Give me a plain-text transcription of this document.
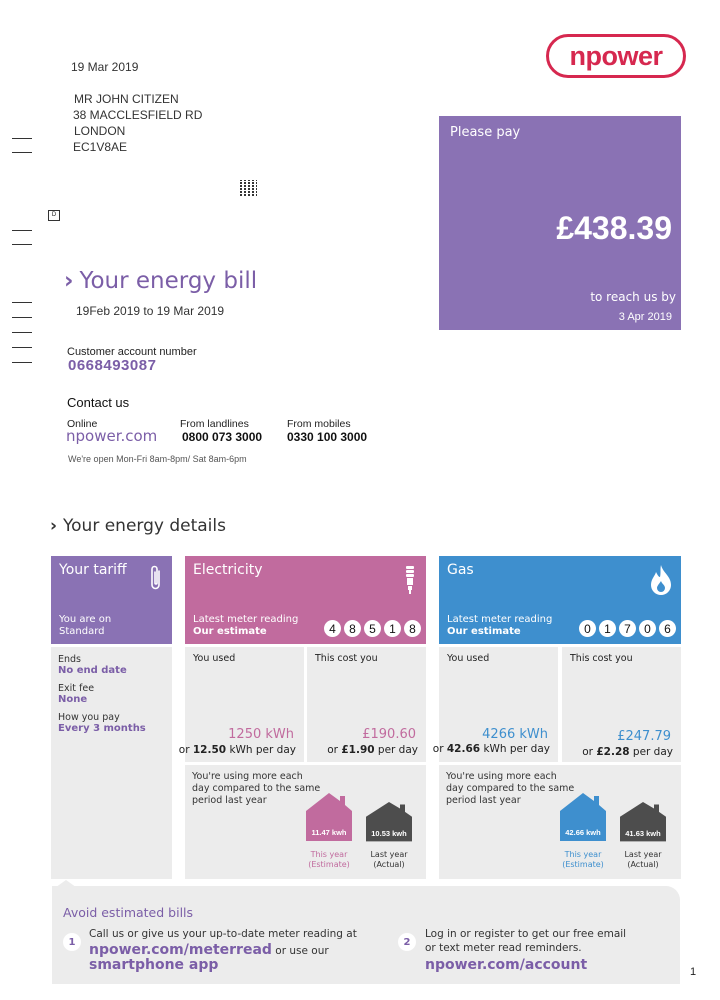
19 Mar 2019
MR JOHN CITIZEN
38 MACCLESFIELD RD
LONDON
EC1V8AE
D
npower
› Your energy bill
19Feb 2019 to 19 Mar 2019
Please pay
£438.39
to reach us by
3 Apr 2019
Customer account number
0668493087
Contact us
Online
npower.com
From landlines
0800 073 3000
From mobiles
0330 100 3000
We're open Mon-Fri 8am-8pm/ Sat 8am-6pm
› Your energy details
Your tariff
You are on
Standard
Ends
No end date
Exit fee
None
How you pay
Every 3 months
Electricity
Latest meter reading
Our estimate	4	8	5	1	8
You used
1250 kWh
or 12.50 kWh per day
This cost you
£190.60
or £1.90 per day
You're using more each day compared to the same period last year
11.47 kwh
This year
(Estimate)
10.53 kwh
Last year
(Actual)
Gas
Latest meter reading
Our estimate	0	1	7	0	6
You used
4266 kWh
or 42.66 kWh per day
This cost you
£247.79
or £2.28 per day
You're using more each day compared to the same period last year
42.66 kwh
This year
(Estimate)
41.63 kwh
Last year
(Actual)
Avoid estimated bills
1
Call us or give us your up-to-date meter reading at
npower.com/meterread or use our
smartphone app
2
Log in or register to get our free email
or text meter read reminders.
npower.com/account	1
